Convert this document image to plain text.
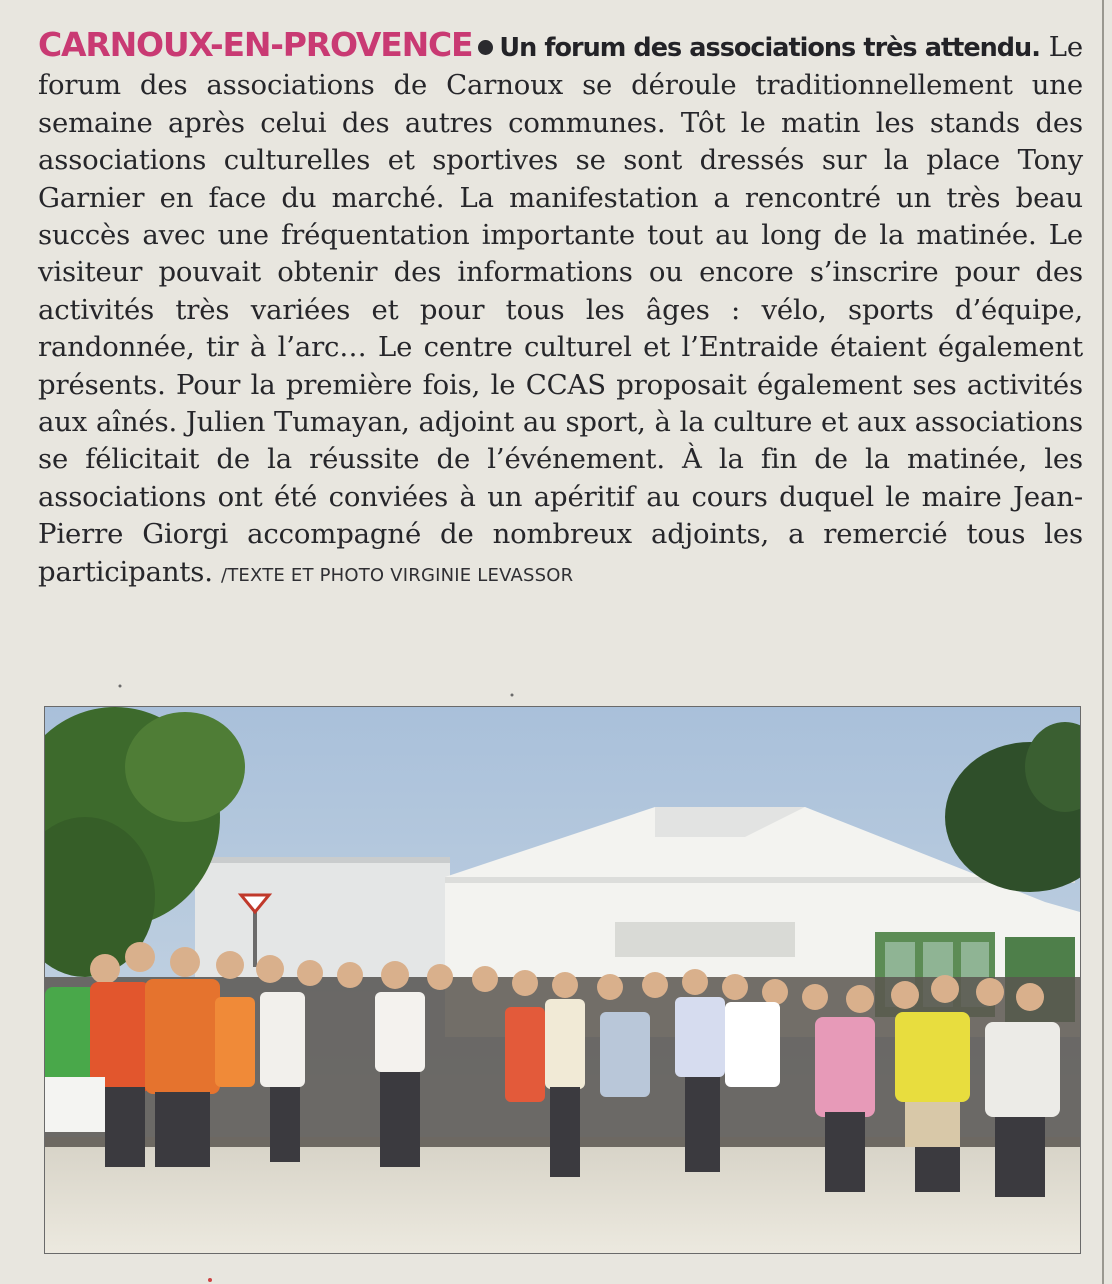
CARNOUX-EN-PROVENCE Un forum des associations très attendu. Le forum des associations de Carnoux se déroule traditionnellement une semaine après celui des autres communes. Tôt le matin les stands des associations culturelles et sportives se sont dressés sur la place Tony Garnier en face du marché. La manifestation a rencontré un très beau succès avec une fréquentation importante tout au long de la matinée. Le visiteur pouvait obtenir des informations ou encore s’inscrire pour des activités très variées et pour tous les âges : vélo, sports d’équipe, randonnée, tir à l’arc… Le centre culturel et l’Entraide étaient également présents. Pour la première fois, le CCAS proposait également ses activités aux aînés. Julien Tumayan, adjoint au sport, à la culture et aux associations se félicitait de la réussite de l’événement. À la fin de la matinée, les associations ont été conviées à un apéritif au cours duquel le maire Jean-Pierre Giorgi accompagné de nombreux adjoints, a remercié tous les participants. /TEXTE ET PHOTO VIRGINIE LEVASSOR
